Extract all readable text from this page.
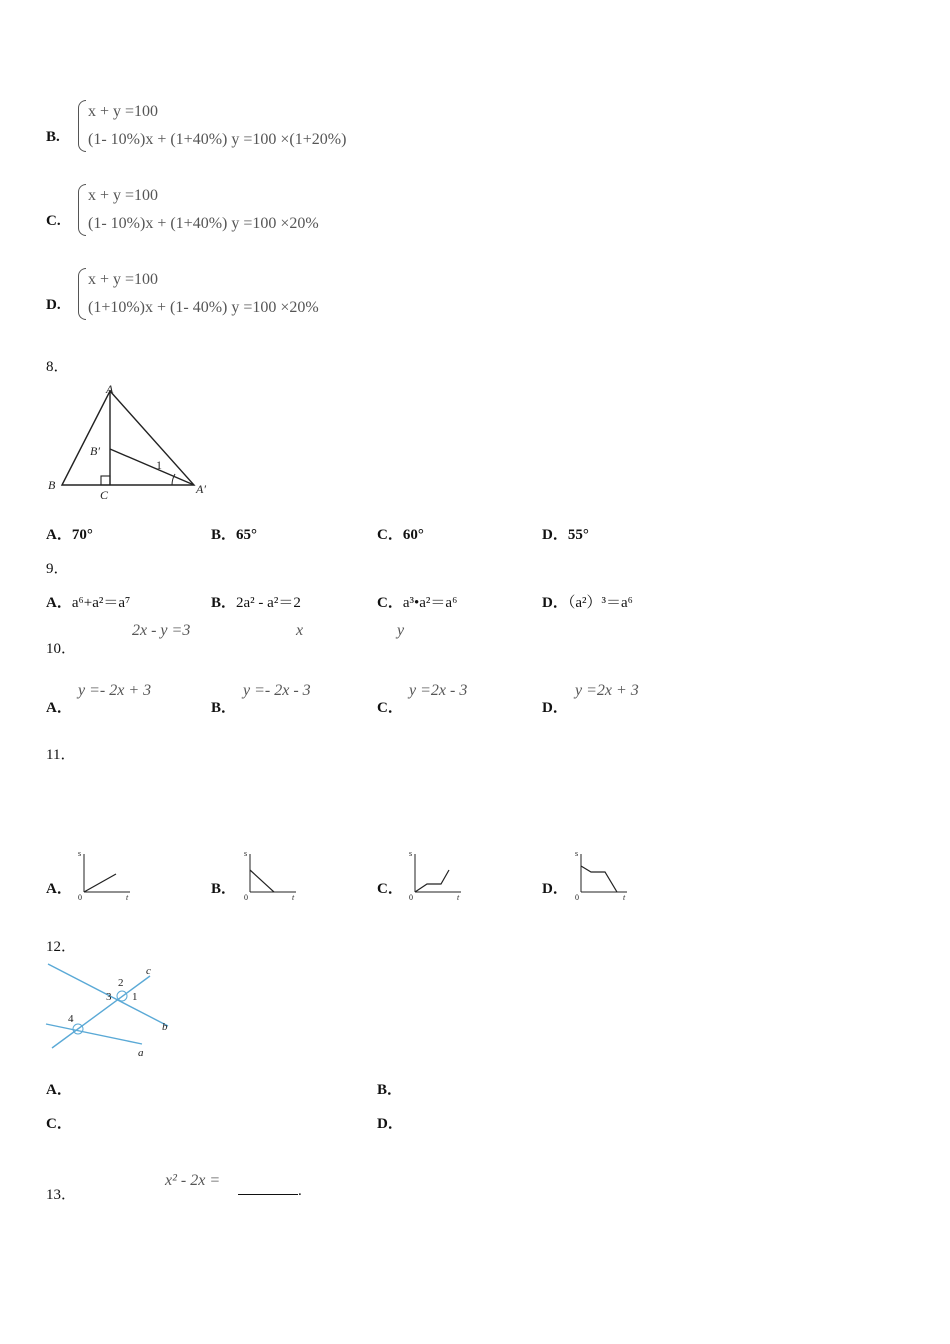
B.
x + y =100
(1- 10%)x + (1+40%) y =100 ×(1+20%)
C.
x + y =100
(1- 10%)x + (1+40%) y =100 ×20%
D.
x + y =100
(1+10%)x + (1- 40%) y =100 ×20%
8．
A
B
C
B′
A′
1
A．70°	B．65°	C．60°	D．55°
9．
A．a⁶+a²＝a⁷	B．2a² - a²＝2	C．a³•a²＝a⁶	D．（a²）³＝a⁶
10．
2x - y =3	x	y
A．
y =- 2x + 3
B．
y =- 2x - 3
C．
y =2x - 3
D．
y =2x + 3
11．
A．
s
t
0
B．
s
t
0
C．
s
t
0
D．
s
t
0
12．
1
2
3
4
a
b
c
A．	B．
C．	D．
13．
x² - 2x =
.
